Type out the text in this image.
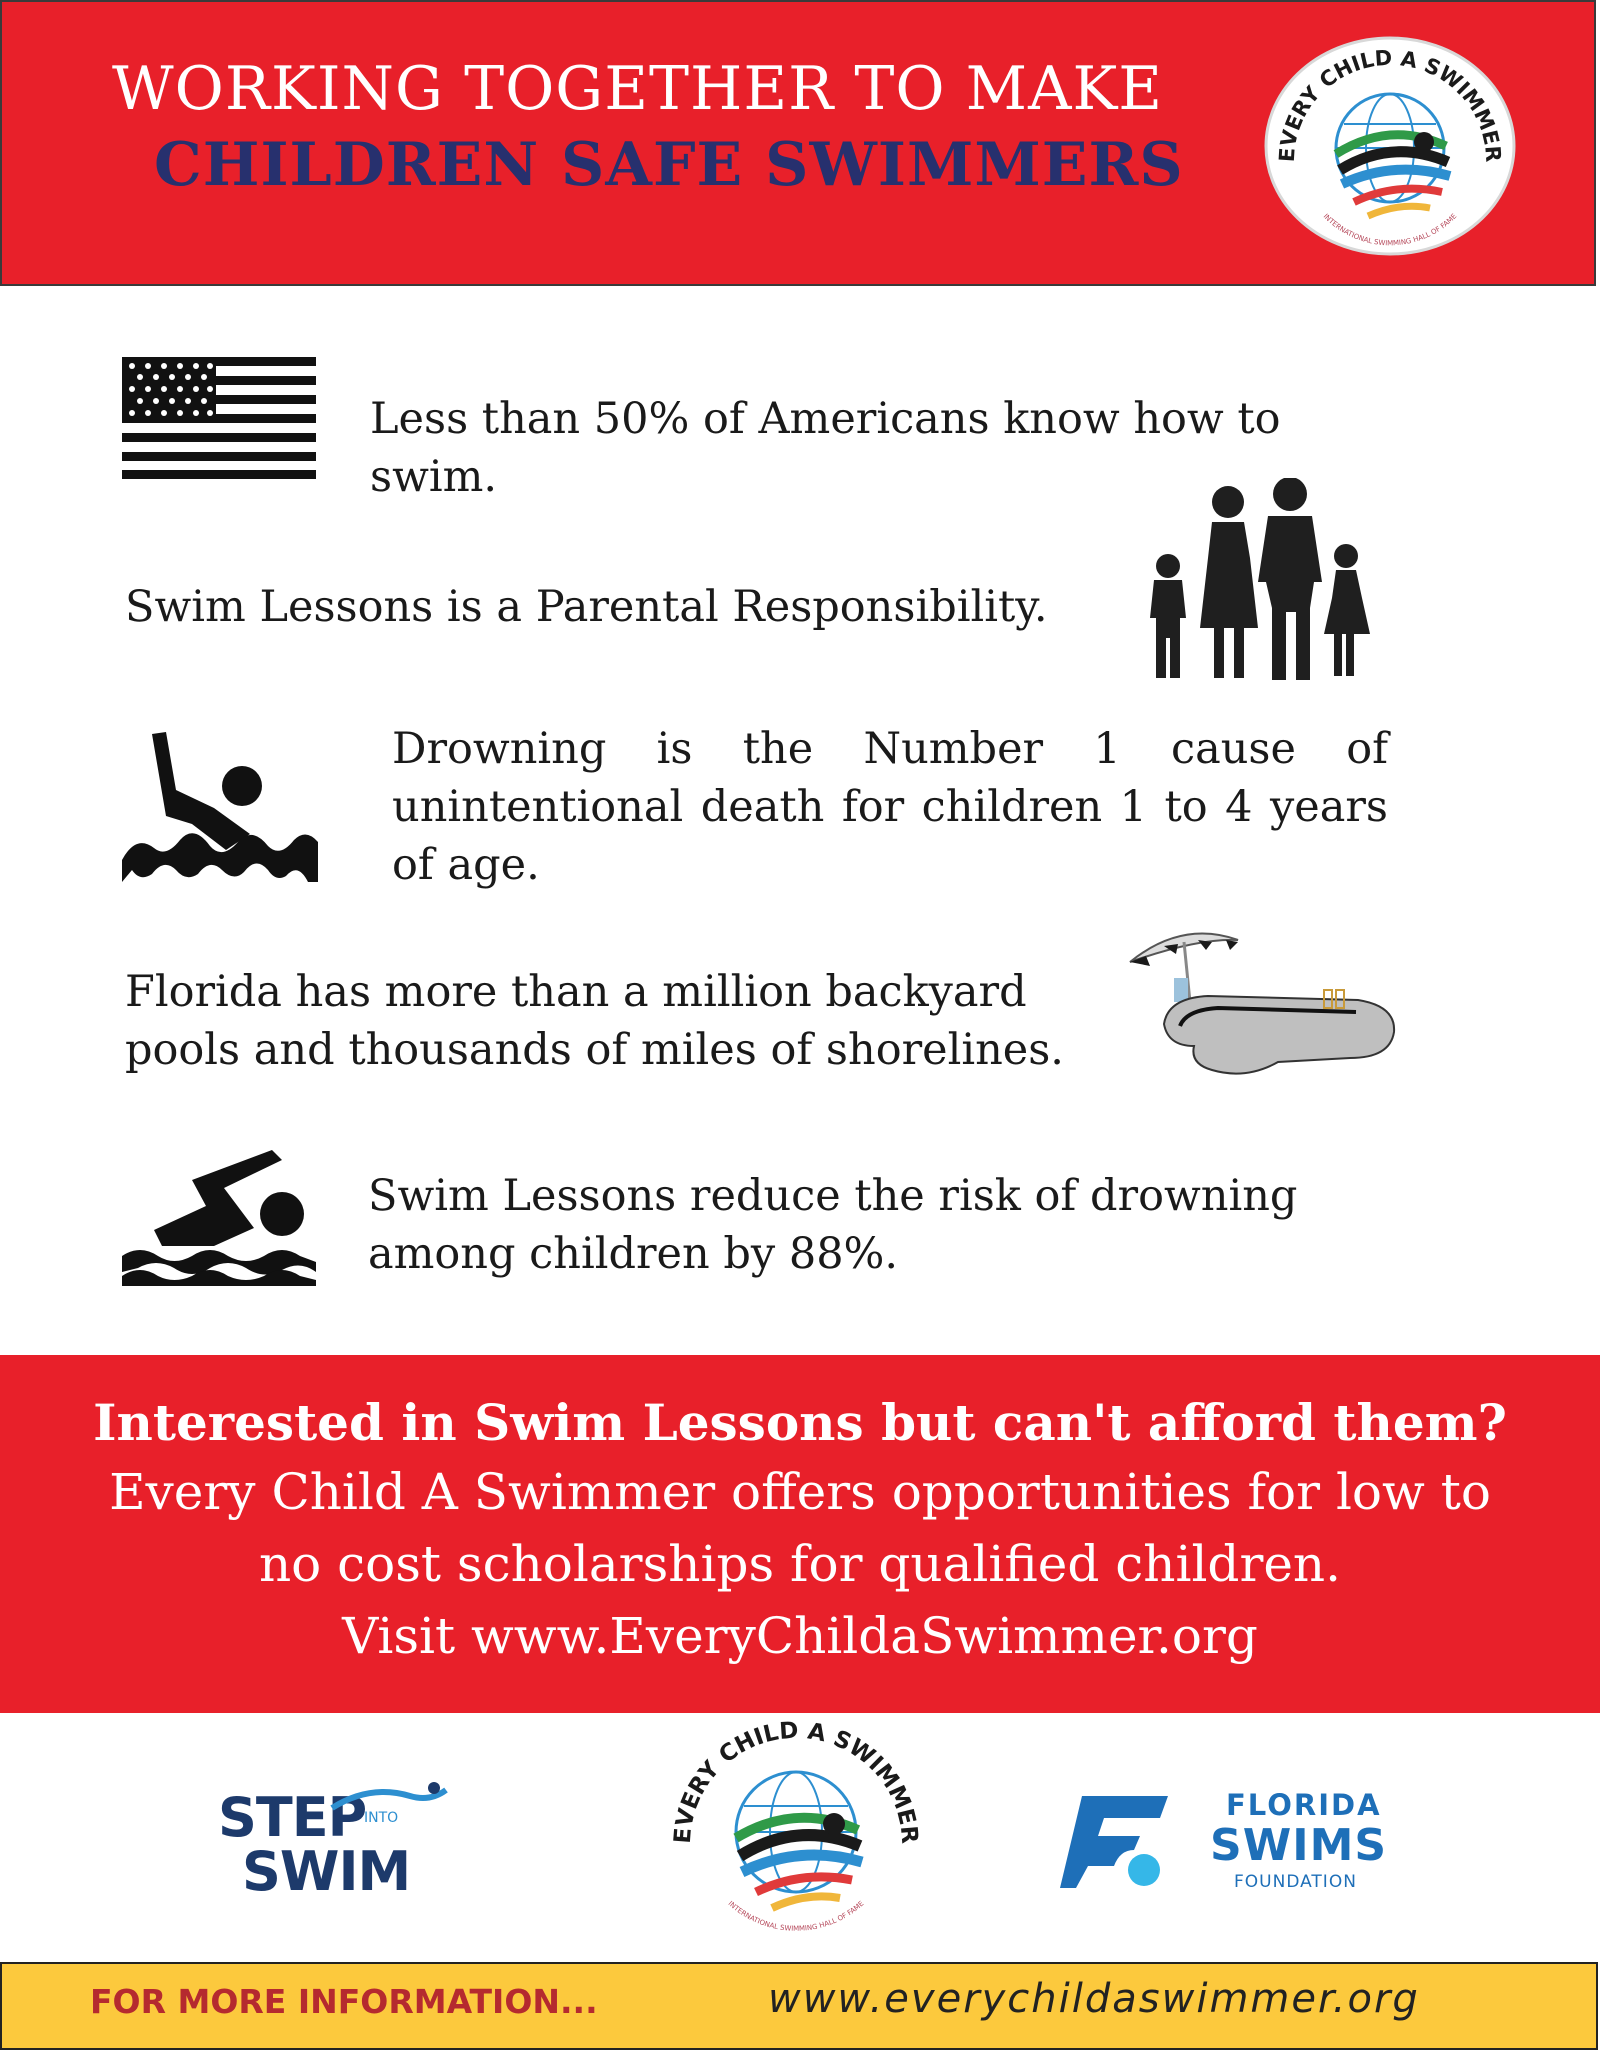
WORKING TOGETHER TO MAKE
CHILDREN SAFE SWIMMERS	EVERY CHILD A SWIMMER
INTERNATIONAL SWIMMING HALL OF FAME
Less than 50% of Americans know how to swim.
Swim Lessons is a Parental Responsibility.
Drowning is the Number 1 cause of unintentional death for children 1 to 4 years of age.
Florida has more than a million backyard pools and thousands of miles of shorelines.
Swim Lessons reduce the risk of drowning among children by 88%.
Interested in Swim Lessons but can't afford them?
Every Child A Swimmer offers opportunities for low to
no cost scholarships for qualified children.
Visit www.EveryChildaSwimmer.org
STEP
INTO
SWIM
EVERY CHILD A SWIMMER
INTERNATIONAL SWIMMING HALL OF FAME
FLORIDA
SWIMS
FOUNDATION
FOR MORE INFORMATION...	www.everychildaswimmer.org
